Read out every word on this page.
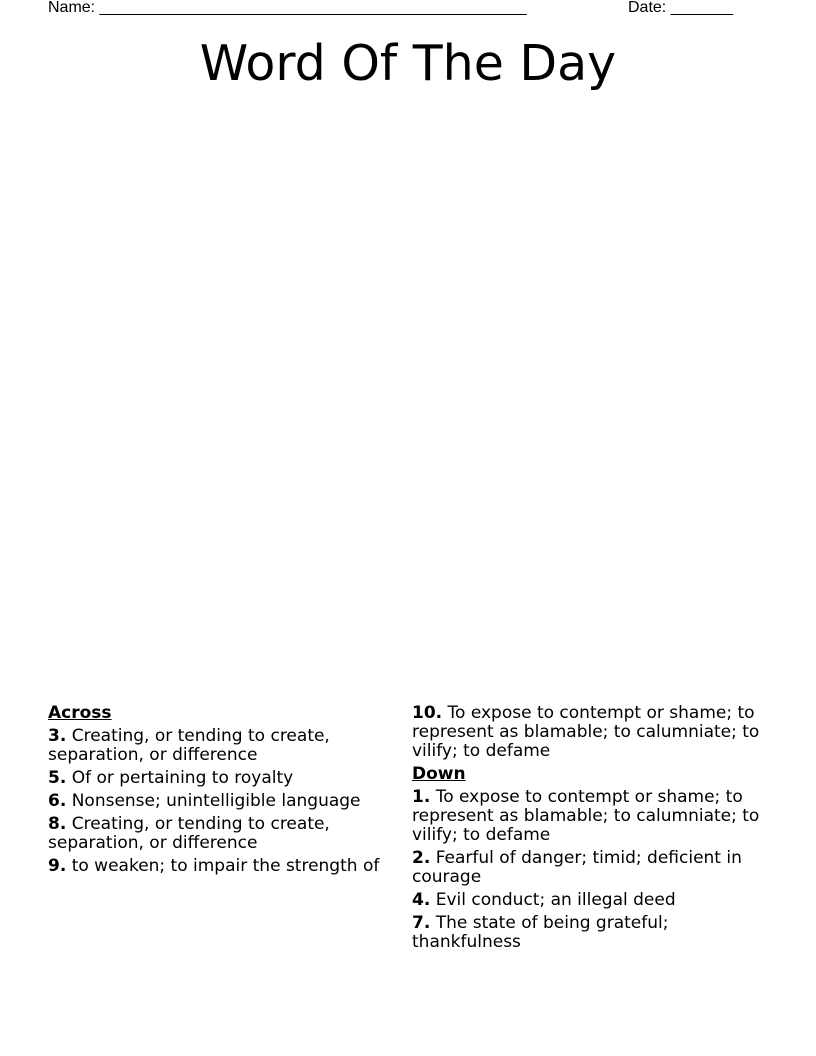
Name: ________________________________________________	Date: _______
Word Of The Day
Across
3. Creating, or tending to create, separation, or difference
5. Of or pertaining to royalty
6. Nonsense; unintelligible language
8. Creating, or tending to create, separation, or difference
9. to weaken; to impair the strength of
10. To expose to contempt or shame; to represent as blamable; to calumniate; to vilify; to defame
Down
1. To expose to contempt or shame; to represent as blamable; to calumniate; to vilify; to defame
2. Fearful of danger; timid; deficient in courage
4. Evil conduct; an illegal deed
7. The state of being grateful; thankfulness
